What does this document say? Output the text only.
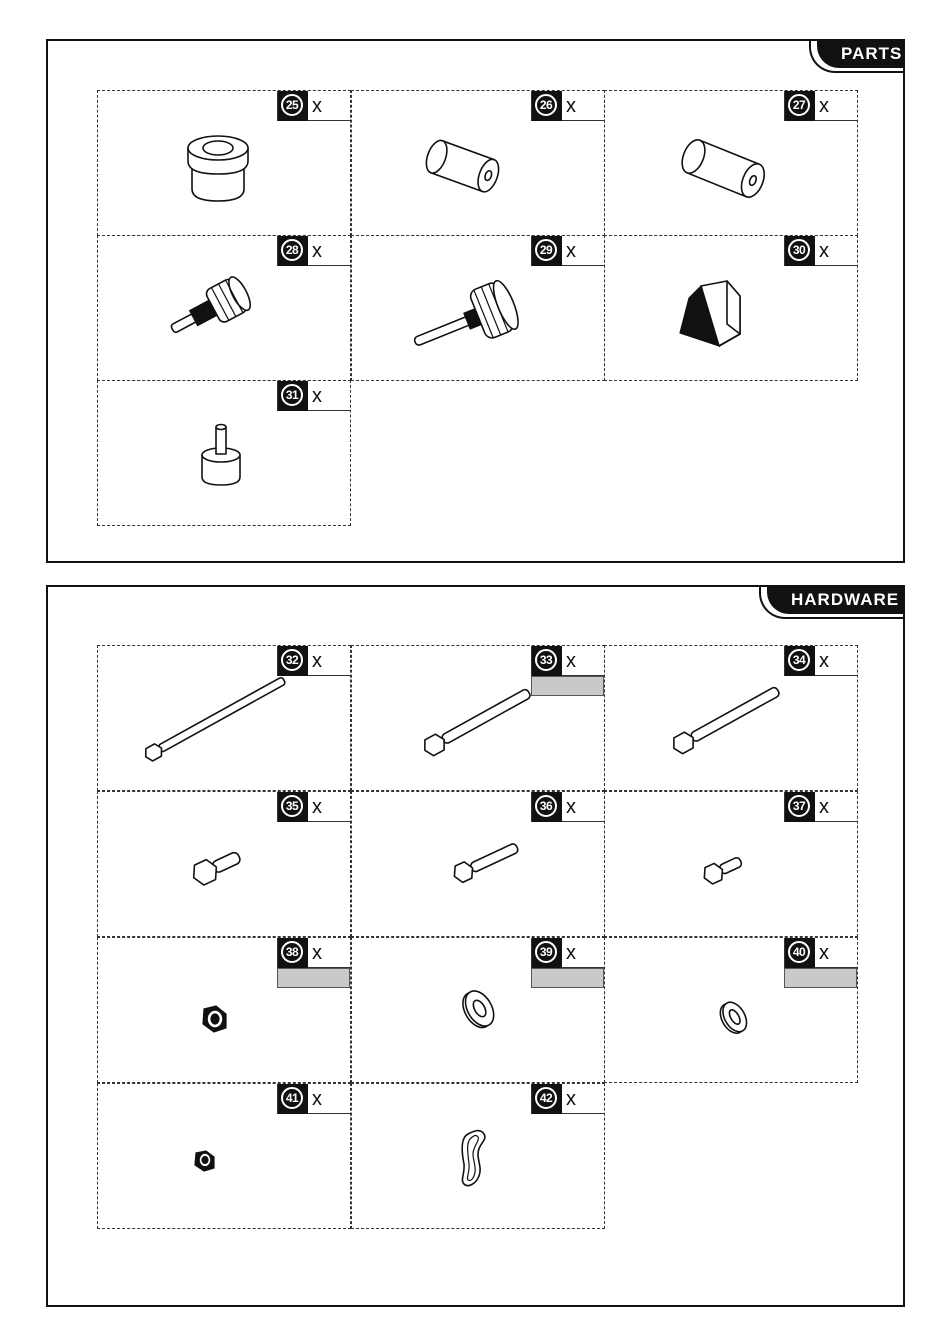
PARTS
25 x	26 x	27 x
28 x	29 x	30 x
31 x
HARDWARE
32 x	33 x	34 x
35 x	36 x	37 x
38 x	39 x	40 x
41 x	42 x
